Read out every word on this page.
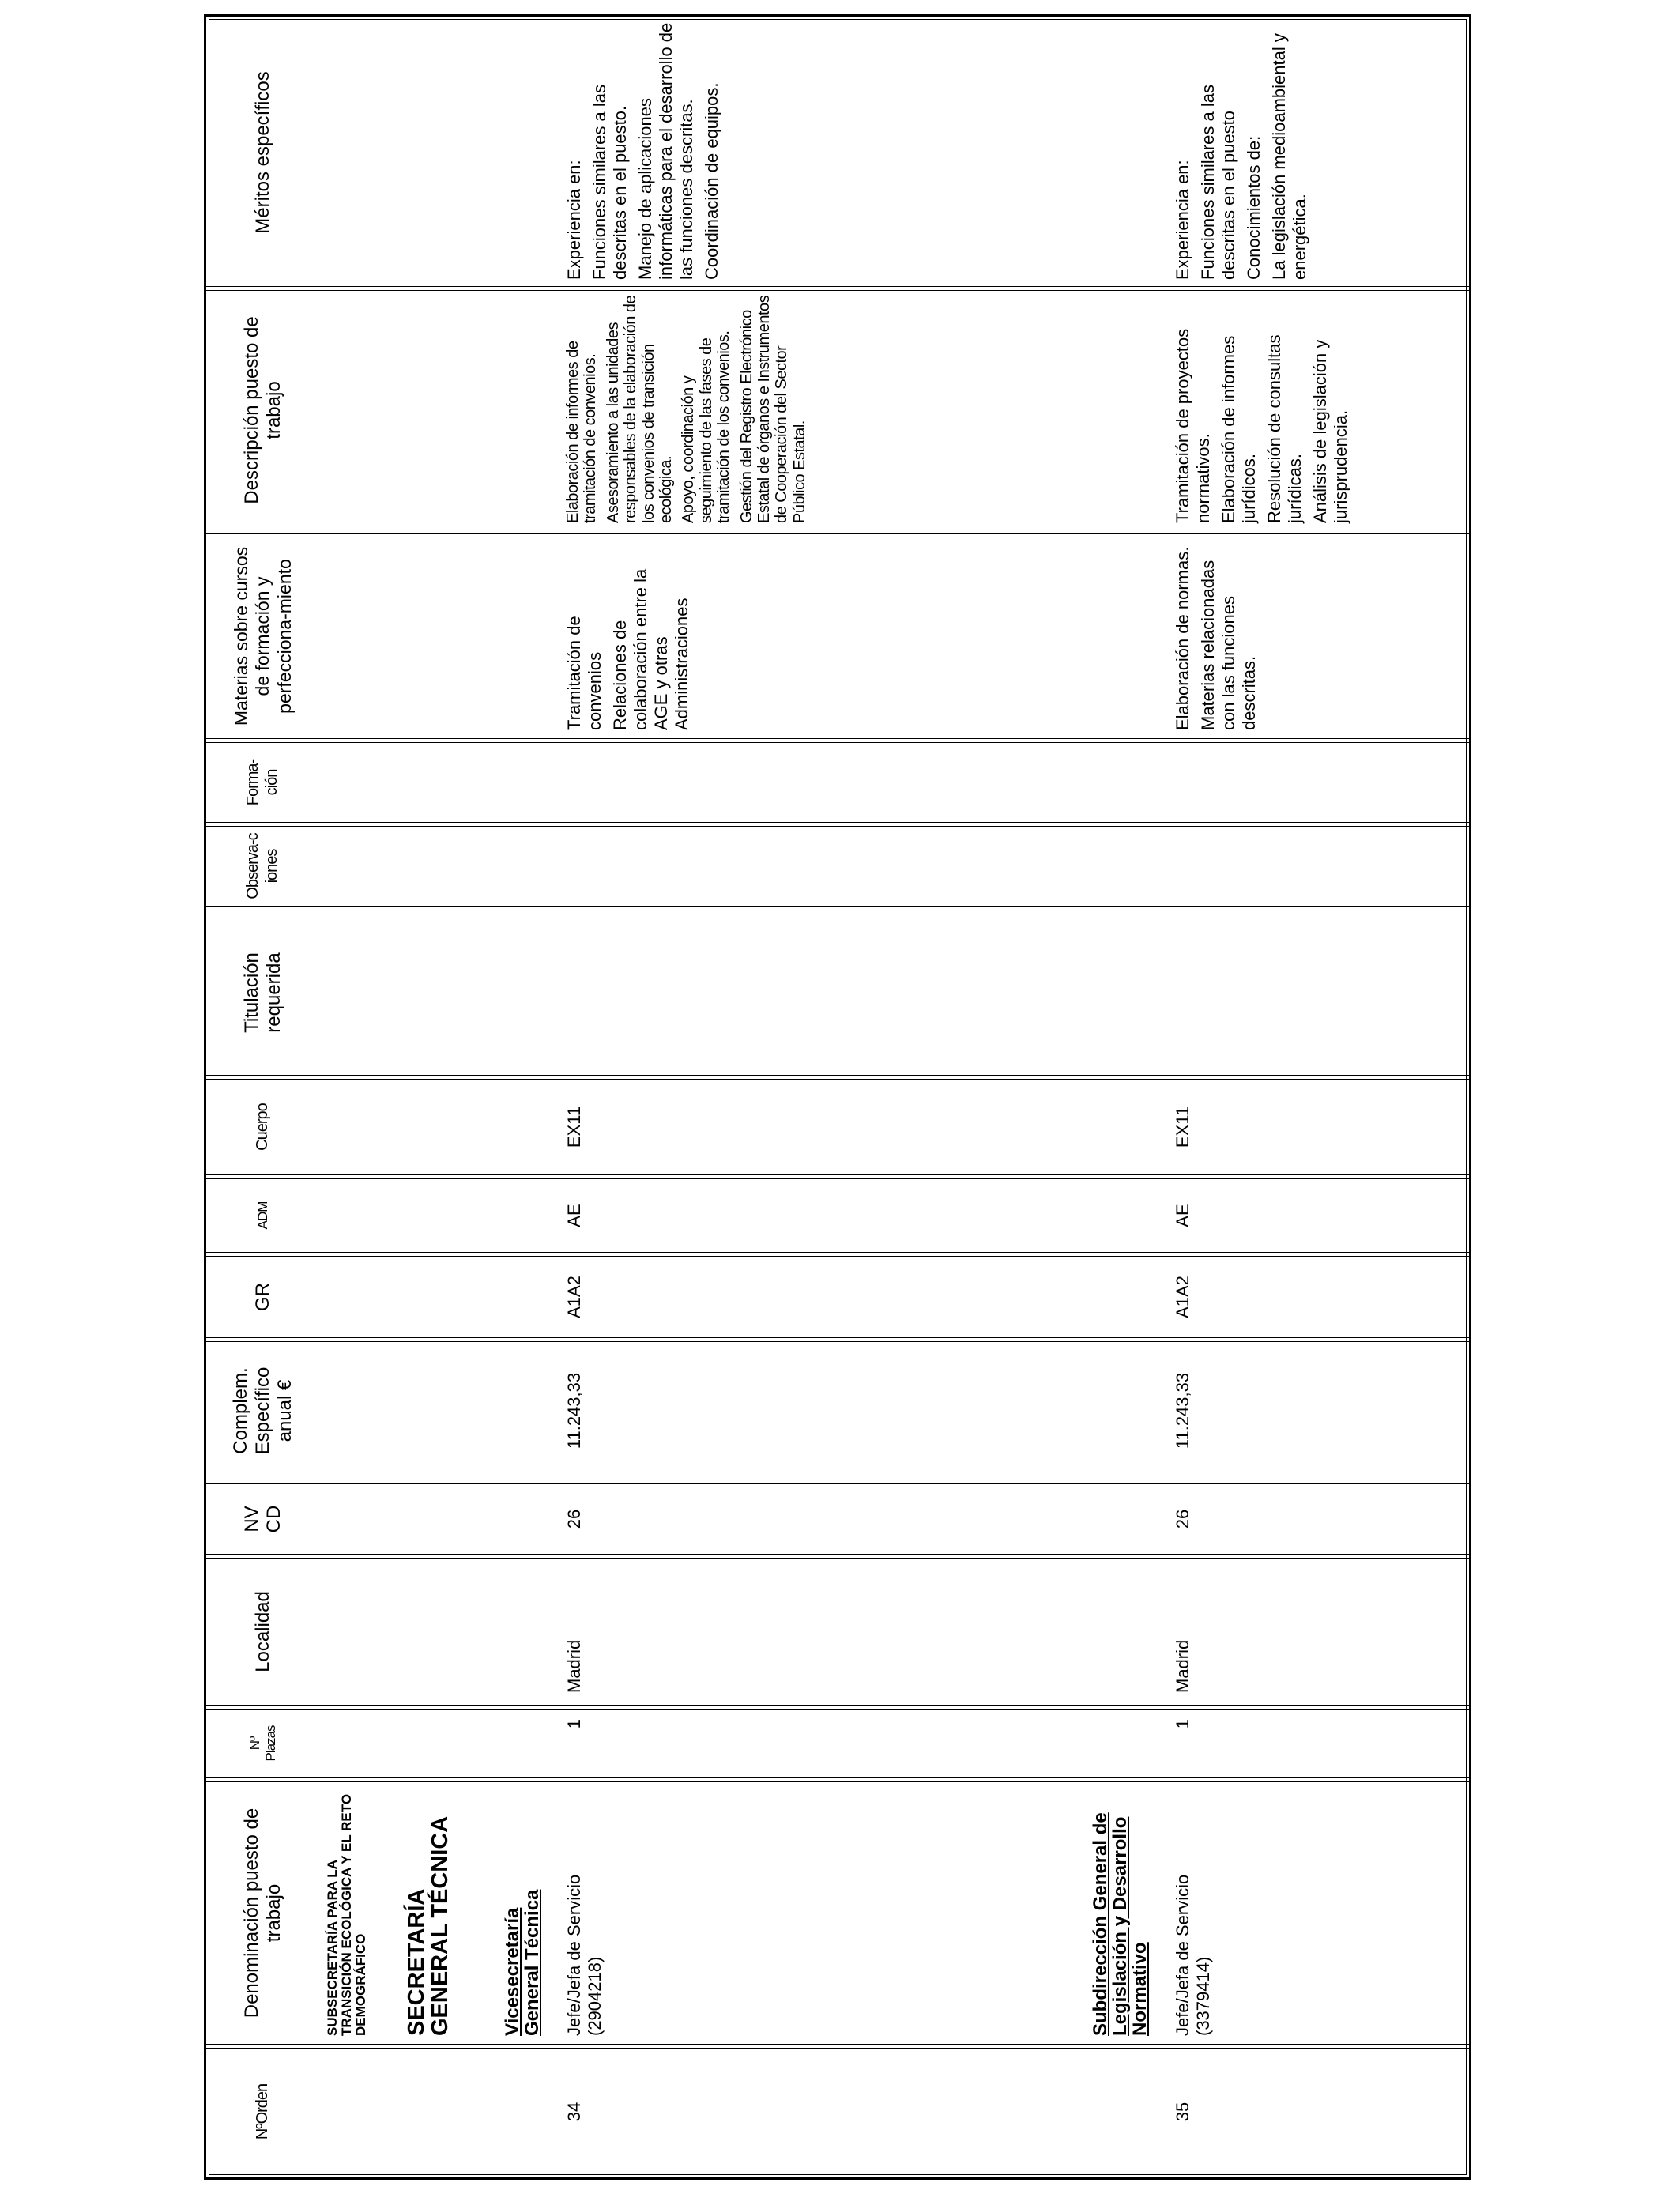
NºOrden
Denominación puesto de trabajo
Nº Plazas
Localidad
NV CD
Complem. Específico anual €
GR
ADM
Cuerpo
Titulación requerida
Observa-ciones
Forma-ción
Materias sobre cursos de formación y perfecciona-miento
Descripción puesto de trabajo
Méritos específicos
SUBSECRETARÍA PARA LA TRANSICIÓN ECOLÓGICA Y EL RETO DEMOGRÁFICO SECRETARÍA GENERAL TÉCNICA	Vicesecretaría General Técnica	Subdirección General de Legislación y Desarrollo Normativo
34
Jefe/Jefa de Servicio (2904218)
1
Madrid
26
11.243,33
A1A2
AE
EX11

Tramitación de convenios Relaciones de colaboración entre la AGE y otras Administraciones

Elaboración de informes de tramitación de convenios. Asesoramiento a las unidades responsables de la elaboración de los convenios de transición ecológica. Apoyo, coordinación y seguimiento de las fases de tramitación de los convenios. Gestión del Registro Electrónico Estatal de órganos e Instrumentos de Cooperación del Sector Público Estatal.

Experiencia en: Funciones similares a las descritas en el puesto. Manejo de aplicaciones informáticas para el desarrollo de las funciones descritas. Coordinación de equipos.

35
Jefe/Jefa de Servicio (3379414)
1
Madrid
26
11.243,33
A1A2
AE
EX11

Elaboración de normas. Materias relacionadas con las funciones descritas.

Tramitación de proyectos normativos. Elaboración de informes jurídicos. Resolución de consultas jurídicas. Análisis de legislación y jurisprudencia.

Experiencia en: Funciones similares a las descritas en el puesto Conocimientos de: La legislación medioambiental y energética.
